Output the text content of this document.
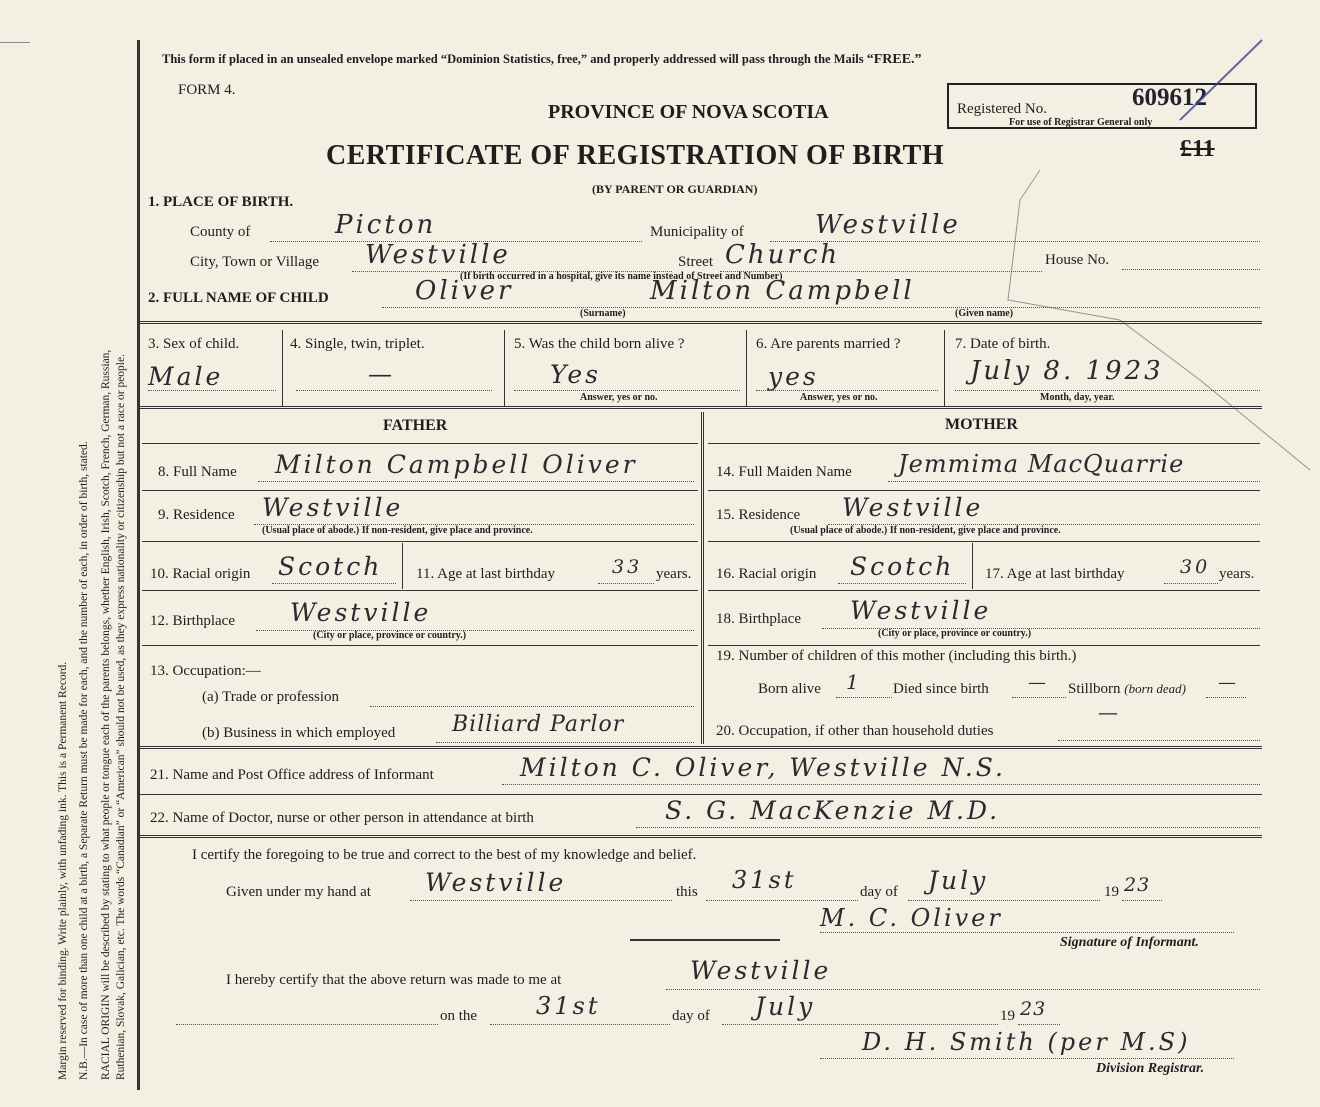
Margin reserved for binding. Write plainly, with unfading ink. This is a Permanent Record. N.B.—In case of more than one child at a birth, a Separate Return must be made for each, and the number of each, in order of birth, stated. RACIAL ORIGIN will be described by stating to what people or tongue each of the parents belongs, whether English, Irish, Scotch, French, German, Russian, Ruthenian, Slovak, Galician, etc. The words “Canadian” or “American” should not be used, as they express nationality or citizenship but not a race or people.
This form if placed in an unsealed envelope marked “Dominion Statistics, free,” and properly addressed will pass through the Mails “FREE.”
FORM 4.
PROVINCE OF NOVA SCOTIA
CERTIFICATE OF REGISTRATION OF BIRTH
(BY PARENT OR GUARDIAN)
Registered No.	609612
For use of Registrar General only
£11
1. PLACE OF BIRTH.
County of	Picton	Municipality of	Westville
City, Town or Village Westville	Street Church	House No.
(If birth occurred in a hospital, give its name instead of Street and Number)
2. FULL NAME OF CHILD	Oliver	Milton Campbell
(Surname)	(Given name)
3. Sex of child.
Male
4. Single, twin, triplet.
—
5. Was the child born alive ?
Yes
Answer, yes or no.
6. Are parents married ?
yes
Answer, yes or no.
7. Date of birth.
July 8. 1923
Month, day, year.
FATHER	MOTHER
8. Full Name Milton Campbell Oliver
9. Residence Westville
(Usual place of abode.) If non-resident, give place and province.
10. Racial origin Scotch 11. Age at last birthday	33 years.
12. Birthplace Westville
(City or place, province or country.)
13. Occupation:—
(a) Trade or profession
(b) Business in which employed	Billiard Parlor
14. Full Maiden Name Jemmima MacQuarrie
15. Residence Westville
(Usual place of abode.) If non-resident, give place and province.
16. Racial origin Scotch 17. Age at last birthday	30 years.
18. Birthplace Westville
(City or place, province or country.)
19. Number of children of this mother (including this birth.)
Born alive 1 Died since birth — Stillborn (born dead) —
20. Occupation, if other than household duties
—
21. Name and Post Office address of Informant	Milton C. Oliver, Westville N.S.
22. Name of Doctor, nurse or other person in attendance at birth	S. G. MacKenzie M.D.
I certify the foregoing to be true and correct to the best of my knowledge and belief.
Given under my hand at Westville	this 31st	day of July	19 23
M. C. Oliver
Signature of Informant.
I hereby certify that the above return was made to me at	Westville
on the 31st	day of July	19 23
D. H. Smith (per M.S)
Division Registrar.
